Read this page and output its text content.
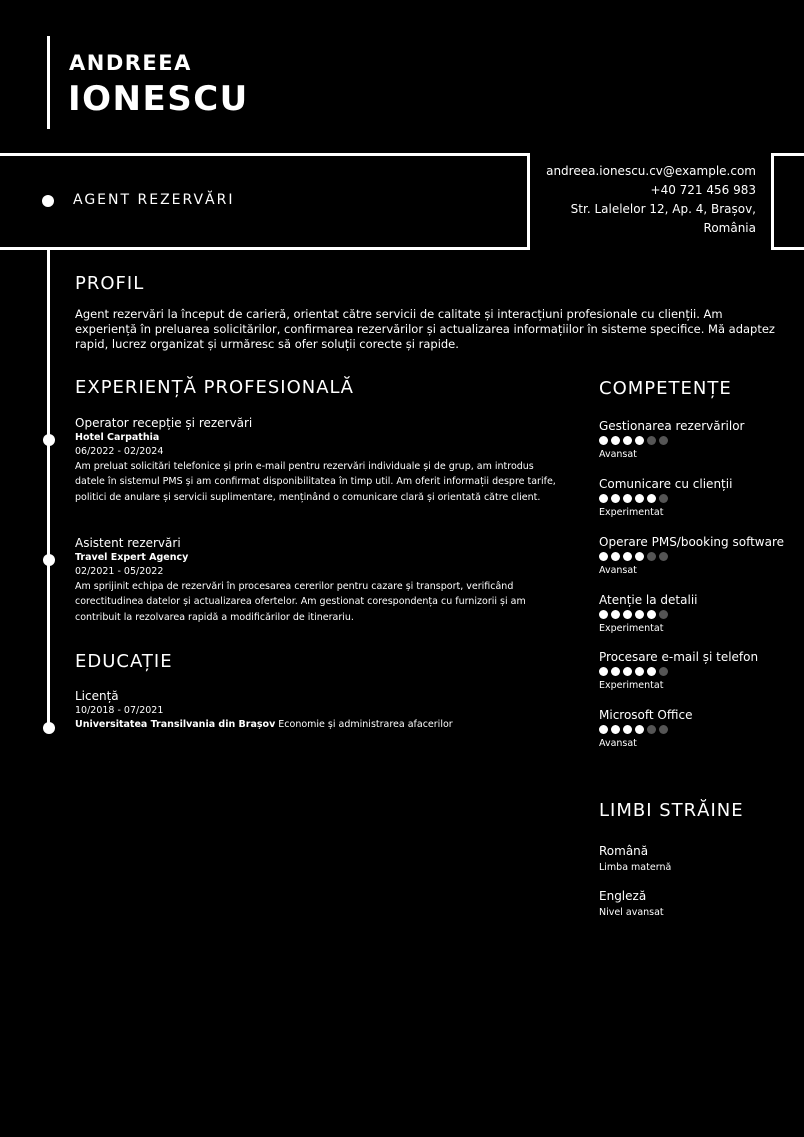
ANDREEA
IONESCU
AGENT REZERVĂRI
andreea.ionescu.cv@example.com
+40 721 456 983
Str. Lalelelor 12, Ap. 4, Brașov,
România
PROFIL
Agent rezervări la început de carieră, orientat către servicii de calitate și interacțiuni profesionale cu clienții. Am experiență în preluarea solicitărilor, confirmarea rezervărilor și actualizarea informațiilor în sisteme specifice. Mă adaptez rapid, lucrez organizat și urmăresc să ofer soluții corecte și rapide.
EXPERIENȚĂ PROFESIONALĂ
Operator recepție și rezervări
Hotel Carpathia
06/2022 - 02/2024
Am preluat solicitări telefonice și prin e-mail pentru rezervări individuale și de grup, am introdus datele în sistemul PMS și am confirmat disponibilitatea în timp util. Am oferit informații despre tarife, politici de anulare și servicii suplimentare, menținând o comunicare clară și orientată către client.
Asistent rezervări
Travel Expert Agency
02/2021 - 05/2022
Am sprijinit echipa de rezervări în procesarea cererilor pentru cazare și transport, verificând corectitudinea datelor și actualizarea ofertelor. Am gestionat corespondența cu furnizorii și am contribuit la rezolvarea rapidă a modificărilor de itinerariu.
EDUCAȚIE
Licență
10/2018 - 07/2021
Universitatea Transilvania din Brașov Economie și administrarea afacerilor
COMPETENȚE
Gestionarea rezervărilor
Avansat
Comunicare cu clienții
Experimentat
Operare PMS/booking software
Avansat
Atenție la detalii
Experimentat
Procesare e-mail și telefon
Experimentat
Microsoft Office
Avansat
LIMBI STRĂINE
Română
Limba maternă
Engleză
Nivel avansat
